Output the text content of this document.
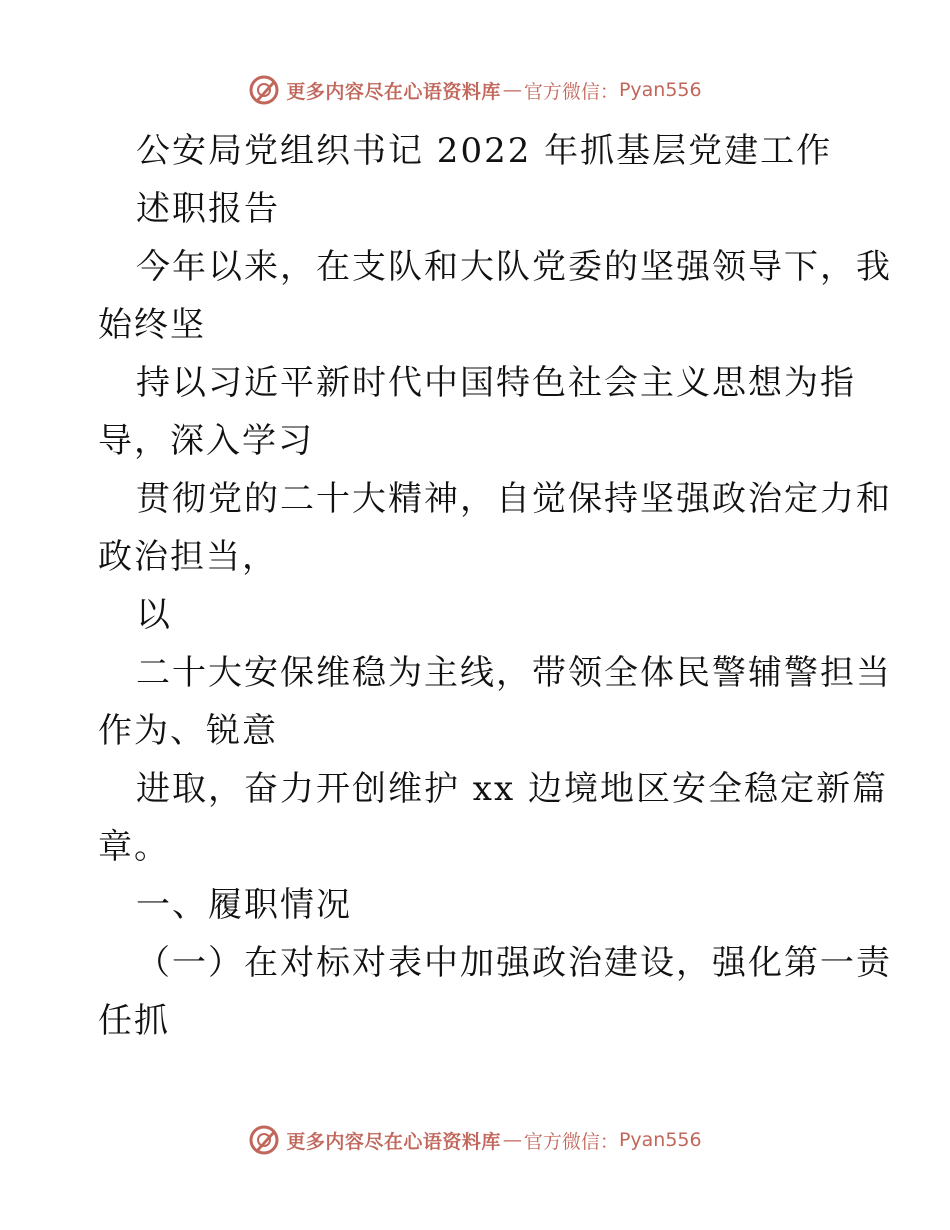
更多内容尽在心语资料库 — 官方微信： Pyan556
公安局党组织书记 2022 年抓基层党建工作
述职报告
今年以来，在支队和大队党委的坚强领导下，我
始终坚
持以习近平新时代中国特色社会主义思想为指
导，深入学习
贯彻党的二十大精神，自觉保持坚强政治定力和
政治担当，
以
二十大安保维稳为主线，带领全体民警辅警担当
作为、锐意
进取，奋力开创维护 xx 边境地区安全稳定新篇
章。
一、履职情况
（一）在对标对表中加强政治建设，强化第一责
任抓
更多内容尽在心语资料库 — 官方微信： Pyan556
